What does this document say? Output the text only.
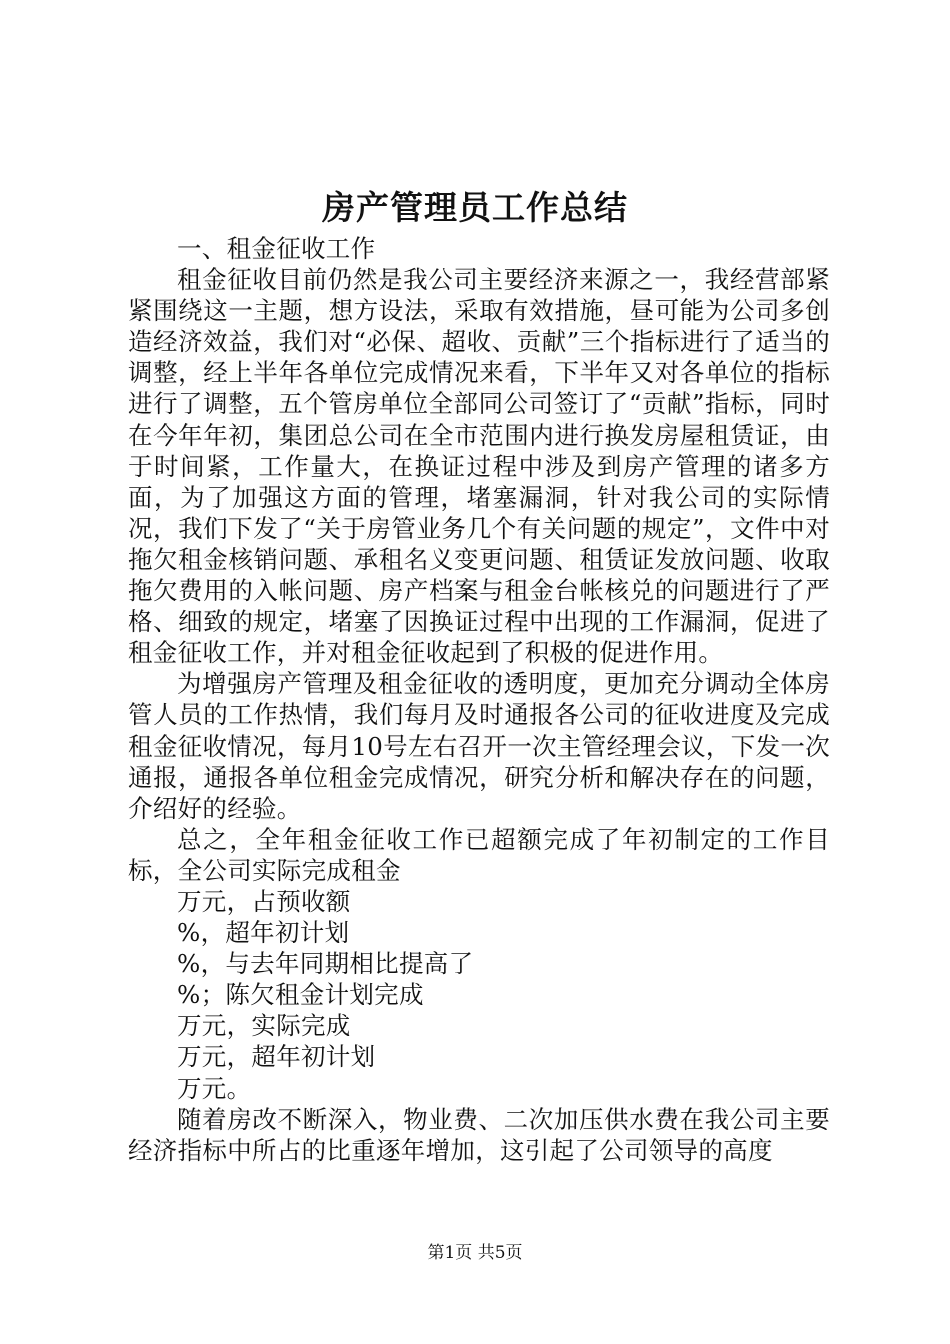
房产管理员工作总结

一、租金征收工作

租金征收目前仍然是我公司主要经济来源之一，我经营部紧紧围绕这一主题，想方设法，采取有效措施，昼可能为公司多创造经济效益，我们对“必保、超收、贡献”三个指标进行了适当的调整，经上半年各单位完成情况来看，下半年又对各单位的指标进行了调整，五个管房单位全部同公司签订了“贡献”指标，同时在今年年初，集团总公司在全市范围内进行换发房屋租赁证，由于时间紧，工作量大，在换证过程中涉及到房产管理的诸多方面，为了加强这方面的管理，堵塞漏洞，针对我公司的实际情况，我们下发了“关于房管业务几个有关问题的规定”，文件中对拖欠租金核销问题、承租名义变更问题、租赁证发放问题、收取拖欠费用的入帐问题、房产档案与租金台帐核兑的问题进行了严格、细致的规定，堵塞了因换证过程中出现的工作漏洞，促进了租金征收工作，并对租金征收起到了积极的促进作用。

为增强房产管理及租金征收的透明度，更加充分调动全体房管人员的工作热情，我们每月及时通报各公司的征收进度及完成租金征收情况，每月10号左右召开一次主管经理会议，下发一次通报，通报各单位租金完成情况，研究分析和解决存在的问题，介绍好的经验。

总之，全年租金征收工作已超额完成了年初制定的工作目标，全公司实际完成租金

万元，占预收额

%，超年初计划

%，与去年同期相比提高了

%；陈欠租金计划完成

万元，实际完成

万元，超年初计划

万元。

随着房改不断深入，物业费、二次加压供水费在我公司主要经济指标中所占的比重逐年增加，这引起了公司领导的高度

第1页 共5页
